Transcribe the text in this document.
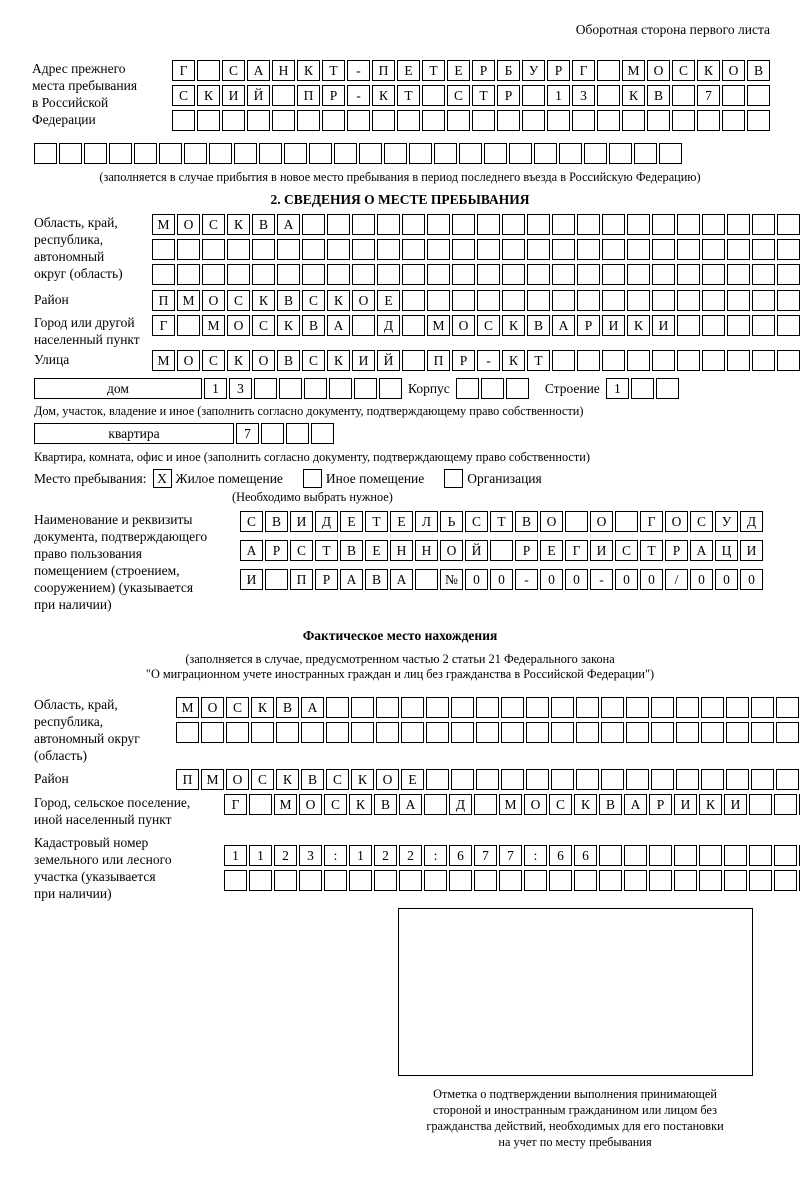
Оборотная сторона первого листа
Адрес прежнего
места пребывания
в Российской
Федерации
Г	С	А	Н	К	Т	-	П	Е	Т	Е	Р	Б	У	Р	Г	М	О	С	К	О	В
С	К	И	Й	П	Р	-	К	Т	С	Т	Р	1	3	К	В	7
(заполняется в случае прибытия в новое место пребывания в период последнего въезда в Российскую Федерацию)
2. СВЕДЕНИЯ О МЕСТЕ ПРЕБЫВАНИЯ
Область, край,
республика,
автономный
округ (область)
М	О	С	К	В	А
Район	П	М	О	С	К	В	С	К	О	Е
Город или другой
населенный пункт
Г	М	О	С	К	В	А	Д	М	О	С	К	В	А	Р	И	К	И
Улица	М	О	С	К	О	В	С	К	И	Й	П	Р	-	К	Т
дом	1	3	Корпус	Строение	1
Дом, участок, владение и иное (заполнить согласно документу, подтверждающему право собственности)
квартира	7
Квартира, комната, офис и иное (заполнить согласно документу, подтверждающему право собственности)
Место пребывания: X Жилое помещение	Иное помещение	Организация
(Необходимо выбрать нужное)
Наименование и реквизиты
документа, подтверждающего
право пользования
помещением (строением,
сооружением) (указывается
при наличии)
С	В	И	Д	Е	Т	Е	Л	Ь	С	Т	В	О	О	Г	О	С	У	Д
А	Р	С	Т	В	Е	Н	Н	О	Й	Р	Е	Г	И	С	Т	Р	А	Ц	И
И	П	Р	А	В	А	№	0	0	-	0	0	-	0	0	/	0	0	0
Фактическое место нахождения
(заполняется в случае, предусмотренном частью 2 статьи 21 Федерального закона
"О миграционном учете иностранных граждан и лиц без гражданства в Российской Федерации")
Область, край,
республика,
автономный округ
(область)
М	О	С	К	В	А
Район	П	М	О	С	К	В	С	К	О	Е
Город, сельское поселение,
иной населенный пункт
Г	М	О	С	К	В	А	Д	М	О	С	К	В	А	Р	И	К	И
Кадастровый номер
земельного или лесного
участка (указывается
при наличии)
1	1	2	3	:	1	2	2	:	6	7	7	:	6	6
Отметка о подтверждении выполнения принимающей
стороной и иностранным гражданином или лицом без
гражданства действий, необходимых для его постановки
на учет по месту пребывания
